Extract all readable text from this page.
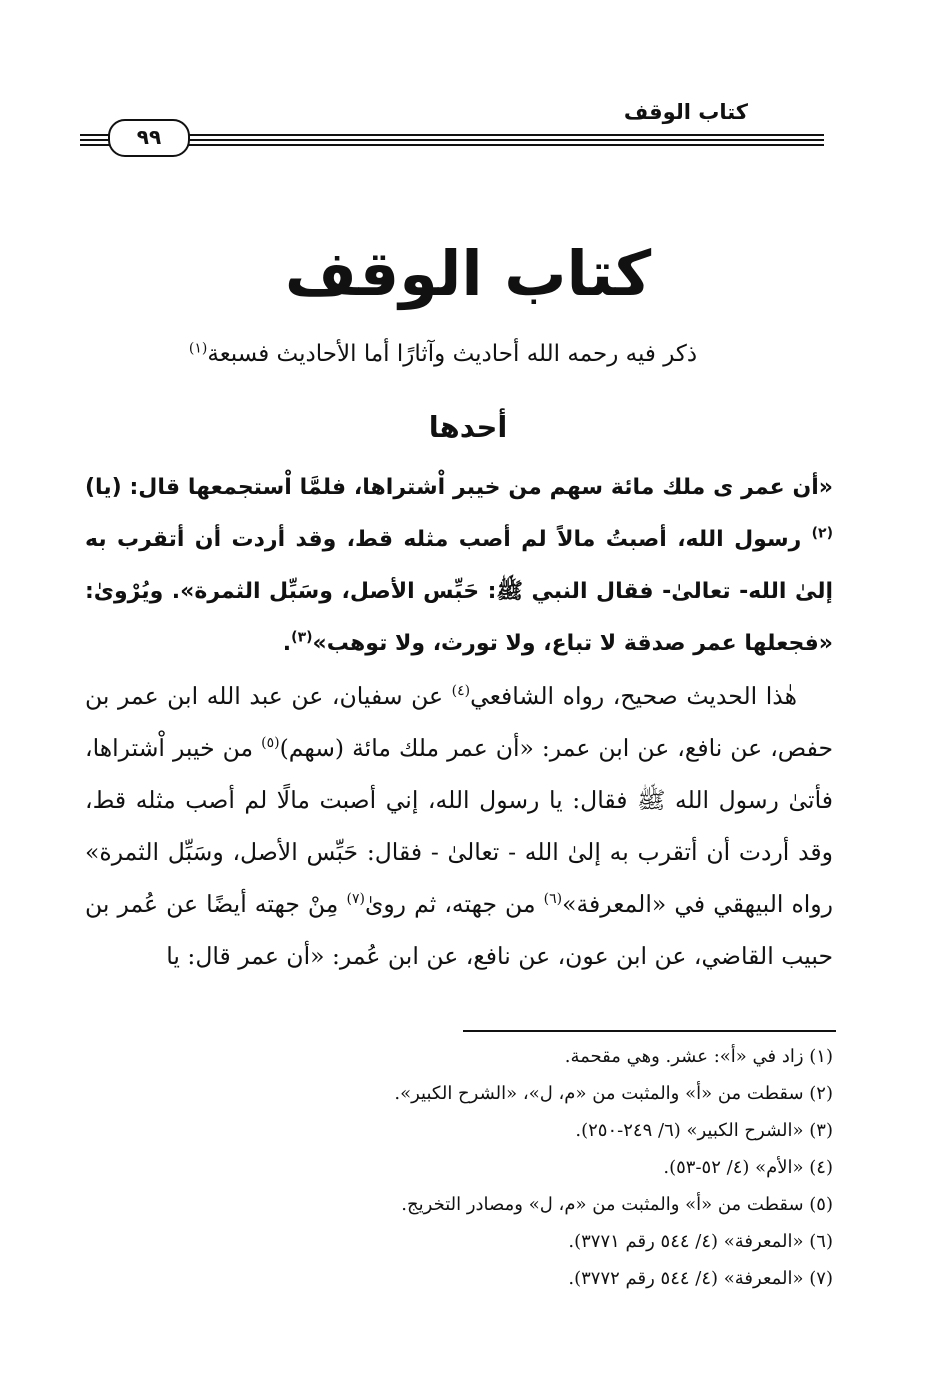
كتاب الوقف
٩٩
كتاب الوقف
ذكر فيه رحمه الله أحاديث وآثارًا أما الأحاديث فسبعة$^{(١)}$
أحدها

«أن عمر ى ملك مائة سهم من خيبر اْشتراها، فلمَّا اْستجمعها قال: (يا)$^{(٢)}$ رسول الله، أصبتُ مالاً لم أصب مثله قط، وقد أردت أن أتقرب به إلىٰ الله- تعالىٰ- فقال النبي ﷺ: حَبِّس الأصل، وسَبِّل الثمرة». ويُرْوىٰ: «فجعلها عمر صدقة لا تباع، ولا تورث، ولا توهب»$^{(٣)}$.

هٰذا الحديث صحيح، رواه الشافعي$^{(٤)}$ عن سفيان، عن عبد الله ابن عمر بن حفص، عن نافع، عن ابن عمر: «أن عمر ملك مائة (سهم)$^{(٥)}$ من خيبر اْشتراها، فأتىٰ رسول الله ﷺ فقال: يا رسول الله، إني أصبت مالًا لم أصب مثله قط، وقد أردت أن أتقرب به إلىٰ الله - تعالىٰ - فقال: حَبِّس الأصل، وسَبِّل الثمرة» رواه البيهقي في «المعرفة»$^{(٦)}$ من جهته، ثم روىٰ$^{(٧)}$ مِنْ جهته أيضًا عن عُمر بن حبيب القاضي، عن ابن عون، عن نافع، عن ابن عُمر: «أن عمر قال: يا

(١) زاد في «أ»: عشر. وهي مقحمة.
(٢) سقطت من «أ» والمثبت من «م، ل»، «الشرح الكبير».
(٣) «الشرح الكبير» (٦/ ٢٤٩-٢٥٠).
(٤) «الأم» (٤/ ٥٢-٥٣).
(٥) سقطت من «أ» والمثبت من «م، ل» ومصادر التخريج.
(٦) «المعرفة» (٤/ ٥٤٤ رقم ٣٧٧١).
(٧) «المعرفة» (٤/ ٥٤٤ رقم ٣٧٧٢).
